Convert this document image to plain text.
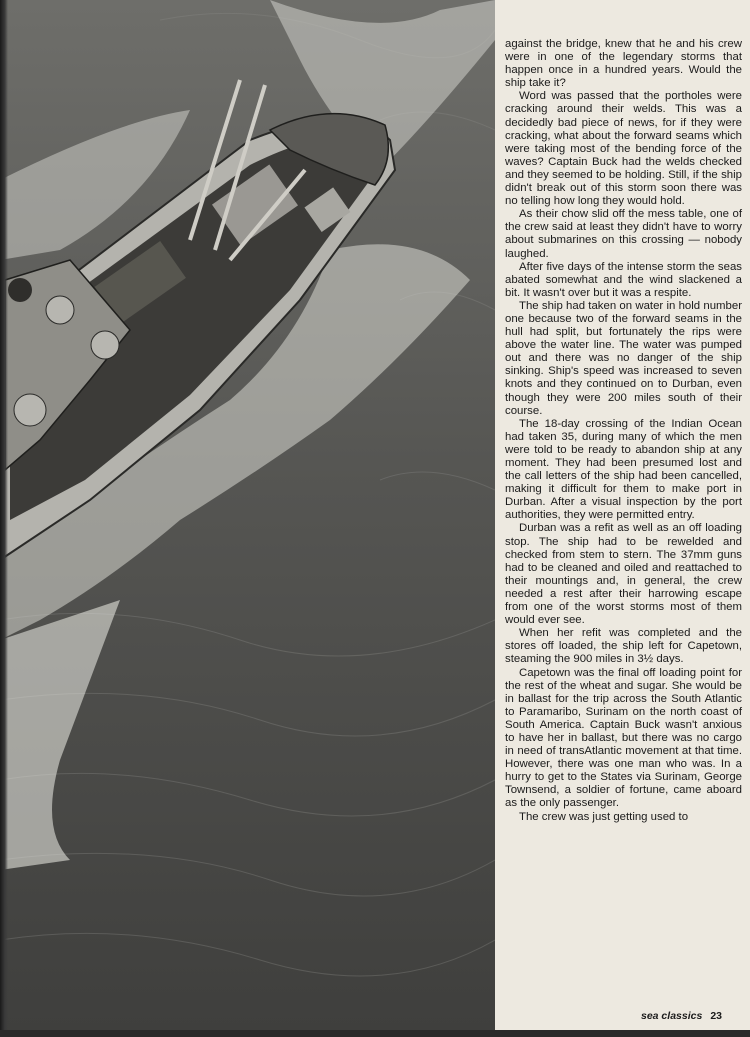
against the bridge, knew that he and his crew were in one of the legendary storms that happen once in a hundred years. Would the ship take it?

Word was passed that the portholes were cracking around their welds. This was a decidedly bad piece of news, for if they were cracking, what about the forward seams which were taking most of the bending force of the waves? Captain Buck had the welds checked and they seemed to be holding. Still, if the ship didn't break out of this storm soon there was no telling how long they would hold.

As their chow slid off the mess table, one of the crew said at least they didn't have to worry about submarines on this crossing — nobody laughed.

After five days of the intense storm the seas abated somewhat and the wind slackened a bit. It wasn't over but it was a respite.

The ship had taken on water in hold number one because two of the forward seams in the hull had split, but fortunately the rips were above the water line. The water was pumped out and there was no danger of the ship sinking. Ship's speed was increased to seven knots and they continued on to Durban, even though they were 200 miles south of their course.

The 18-day crossing of the Indian Ocean had taken 35, during many of which the men were told to be ready to abandon ship at any moment. They had been presumed lost and the call letters of the ship had been cancelled, making it difficult for them to make port in Durban. After a visual inspection by the port authorities, they were permitted entry.

Durban was a refit as well as an off loading stop. The ship had to be rewelded and checked from stem to stern. The 37mm guns had to be cleaned and oiled and reattached to their mountings and, in general, the crew needed a rest after their harrowing escape from one of the worst storms most of them would ever see.

When her refit was completed and the stores off loaded, the ship left for Capetown, steaming the 900 miles in 3½ days.

Capetown was the final off loading point for the rest of the wheat and sugar. She would be in ballast for the trip across the South Atlantic to Paramaribo, Surinam on the north coast of South America. Captain Buck wasn't anxious to have her in ballast, but there was no cargo in need of transAtlantic movement at that time. However, there was one man who was. In a hurry to get to the States via Surinam, George Townsend, a soldier of fortune, came aboard as the only passenger.

The crew was just getting used to

sea classics 23
